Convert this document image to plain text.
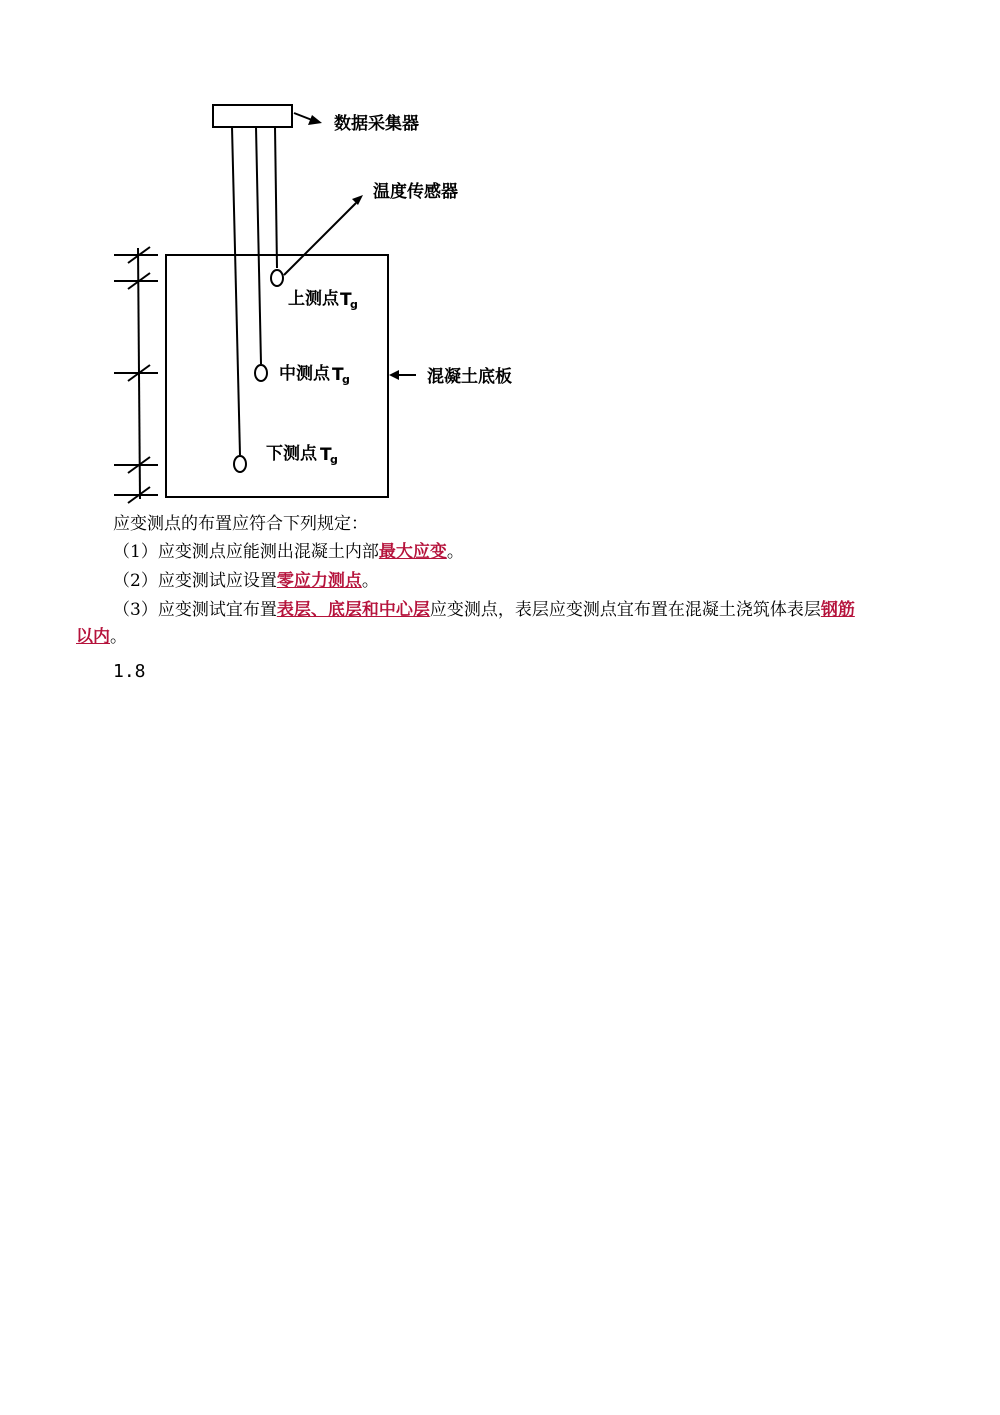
数据采集器
温度传感器
上测点 T
g
中测点 T
g
下测点 T
g
混凝土底板

应变测点的布置应符合下列规定：

（1）应变测点应能测出混凝土内部最大应变。

（2）应变测试应设置零应力测点。

（3）应变测试宜布置表层、底层和中心层应变测点，表层应变测点宜布置在混凝土浇筑体表层钢筋

以内。

1.8
